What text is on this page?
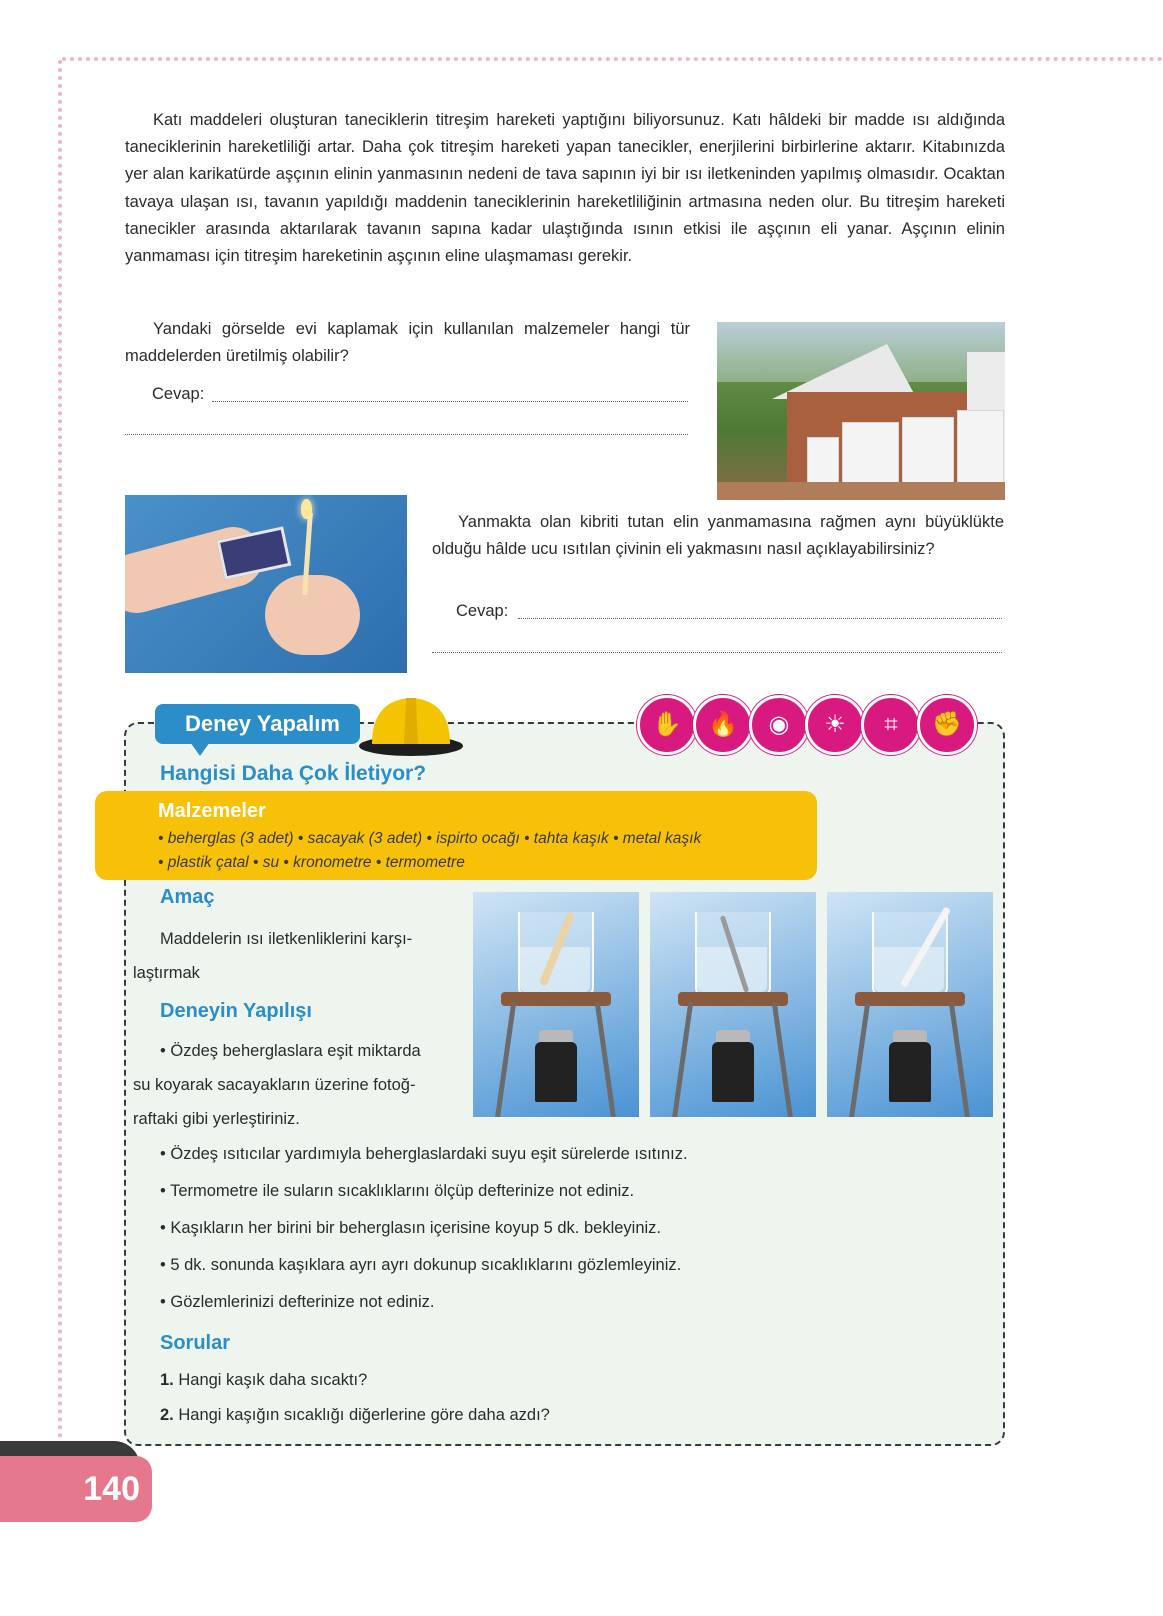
Katı maddeleri oluşturan taneciklerin titreşim hareketi yaptığını biliyorsunuz. Katı hâldeki bir madde ısı aldığında taneciklerinin hareketliliği artar. Daha çok titreşim hareketi yapan tanecikler, enerjilerini birbirlerine aktarır. Kitabınızda yer alan karikatürde aşçının elinin yanmasının nedeni de tava sapının iyi bir ısı iletkeninden yapılmış olmasıdır. Ocaktan tavaya ulaşan ısı, tavanın yapıldığı maddenin taneciklerinin hareketliliğinin artmasına neden olur. Bu titreşim hareketi tanecikler arasında aktarılarak tavanın sapına kadar ulaştığında ısının etkisi ile aşçının eli yanar. Aşçının elinin yanmaması için titreşim hareketinin aşçının eline ulaşmaması gerekir.

Yandaki görselde evi kaplamak için kullanılan malzemeler hangi tür maddelerden üretilmiş olabilir?

Cevap:

Yanmakta olan kibriti tutan elin yanmamasına rağmen aynı büyüklükte olduğu hâlde ucu ısıtılan çivinin eli yakmasını nasıl açıklayabilirsiniz?

Cevap:
Deney Yapalım	✋	🔥	◉	☀	⌗	✊
Hangisi Daha Çok İletiyor?
Malzemeler
• beherglas (3 adet) • sacayak (3 adet) • ispirto ocağı • tahta kaşık • metal kaşık
• plastik çatal • su • kronometre • termometre
Amaç
Maddelerin ısı iletkenliklerini karşı-
laştırmak
Deneyin Yapılışı
• Özdeş beherglaslara eşit miktarda
su koyarak sacayakların üzerine fotoğ-
raftaki gibi yerleştiriniz.
• Özdeş ısıtıcılar yardımıyla beherglaslardaki suyu eşit sürelerde ısıtınız.
• Termometre ile suların sıcaklıklarını ölçüp defterinize not ediniz.
• Kaşıkların her birini bir beherglasın içerisine koyup 5 dk. bekleyiniz.
• 5 dk. sonunda kaşıklara ayrı ayrı dokunup sıcaklıklarını gözlemleyiniz.
• Gözlemlerinizi defterinize not ediniz.
Sorular
1. Hangi kaşık daha sıcaktı?
2. Hangi kaşığın sıcaklığı diğerlerine göre daha azdı?
140
